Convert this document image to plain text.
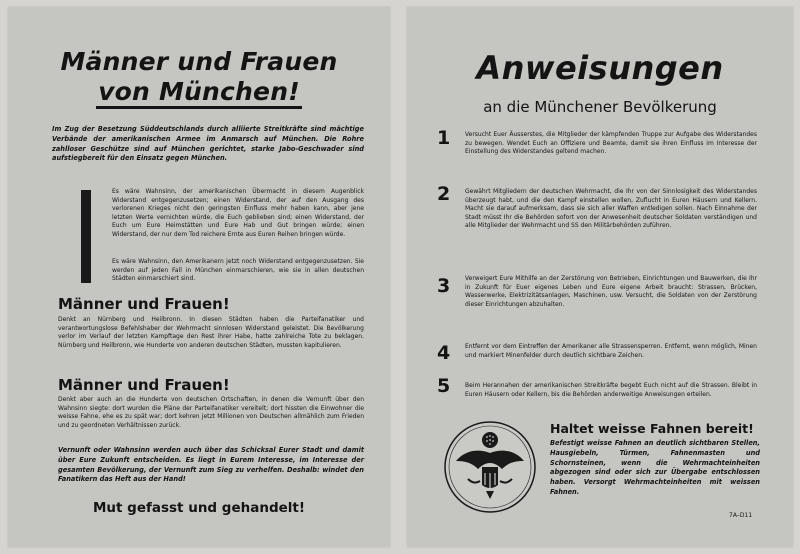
Männer und Frauen
von München!
Im Zug der Besetzung Süddeutschlands durch alliierte Streitkräfte sind mächtige Verbände der amerikanischen Armee im Anmarsch auf München. Die Rohre zahlloser Geschütze sind auf München gerichtet, starke Jabo-Geschwader sind aufstiegbereit für den Einsatz gegen München.
Es wäre Wahnsinn, der amerikanischen Übermacht in diesem Augenblick Widerstand entgegenzusetzen; einen Widerstand, der auf den Ausgang des verlorenen Krieges nicht den geringsten Einfluss mehr haben kann, aber jene letzten Werte vernichten würde, die Euch geblieben sind; einen Widerstand, der Euch um Eure Heimstätten und Eure Hab und Gut bringen würde; einen Widerstand, der nur dem Tod reichere Ernte aus Euren Reihen bringen würde.
Es wäre Wahnsinn, den Amerikanern jetzt noch Widerstand entgegenzusetzen. Sie werden auf jeden Fall in München einmarschieren, wie sie in allen deutschen Städten einmarschiert sind.
Männer und Frauen!
Denkt an Nürnberg und Heilbronn. In diesen Städten haben die Parteifanatiker und verantwortungslose Befehlshaber der Wehrmacht sinnlosen Widerstand geleistet. Die Bevölkerung verlor im Verlauf der letzten Kampftage den Rest ihrer Habe, hatte zahlreiche Tote zu beklagen. Nürnberg und Heilbronn, wie Hunderte von anderen deutschen Städten, mussten kapitulieren.
Männer und Frauen!
Denkt aber auch an die Hunderte von deutschen Ortschaften, in denen die Vernunft über den Wahnsinn siegte: dort wurden die Pläne der Parteifanatiker vereitelt; dort hissten die Einwohner die weisse Fahne, ehe es zu spät war; dort kehren jetzt Millionen von Deutschen allmählich zum Frieden und zu geordneten Verhältnissen zurück.
Vernunft oder Wahnsinn werden auch über das Schicksal Eurer Stadt und damit über Eure Zukunft entscheiden. Es liegt in Eurem Interesse, im Interesse der gesamten Bevölkerung, der Vernunft zum Sieg zu verhelfen. Deshalb: windet den Fanatikern das Heft aus der Hand!
Mut gefasst und gehandelt!
Anweisungen
an die Münchener Bevölkerung
1 Versucht Euer Äusserstes, die Mitglieder der kämpfenden Truppe zur Aufgabe des Widerstandes zu bewegen. Wendet Euch an Offiziere und Beamte, damit sie ihren Einfluss im Interesse der Einstellung des Widerstandes geltend machen.
2 Gewährt Mitgliedern der deutschen Wehrmacht, die Ihr von der Sinnlosigkeit des Widerstandes überzeugt habt, und die den Kampf einstellen wollen, Zuflucht in Euren Häusern und Kellern. Macht sie darauf aufmerksam, dass sie sich aller Waffen entledigen sollen. Nach Einnahme der Stadt müsst Ihr die Behörden sofort von der Anwesenheit deutscher Soldaten verständigen und alle Mitglieder der Wehrmacht und SS den Militärbehörden zuführen.
3 Verweigert Eure Mithilfe an der Zerstörung von Betrieben, Einrichtungen und Bauwerken, die Ihr in Zukunft für Euer eigenes Leben und Eure eigene Arbeit braucht: Strassen, Brücken, Wasserwerke, Elektrizitätsanlagen, Maschinen, usw. Versucht, die Soldaten von der Zerstörung dieser Einrichtungen abzuhalten.
4 Entfernt vor dem Eintreffen der Amerikaner alle Strassensperren. Entfernt, wenn möglich, Minen und markiert Minenfelder durch deutlich sichtbare Zeichen.
5 Beim Herannahen der amerikanischen Streitkräfte begebt Euch nicht auf die Strassen. Bleibt in Euren Häusern oder Kellern, bis die Behörden anderweitige Anweisungen erteilen.
Haltet weisse Fahnen bereit!
Befestigt weisse Fahnen an deutlich sichtbaren Stellen, Hausgiebeln, Türmen, Fahnenmasten und Schornsteinen, wenn die Wehrmachteinheiten abgezogen sind oder sich zur Übergabe entschlossen haben. Versorgt Wehrmachteinheiten mit weissen Fahnen.
7A–D11
